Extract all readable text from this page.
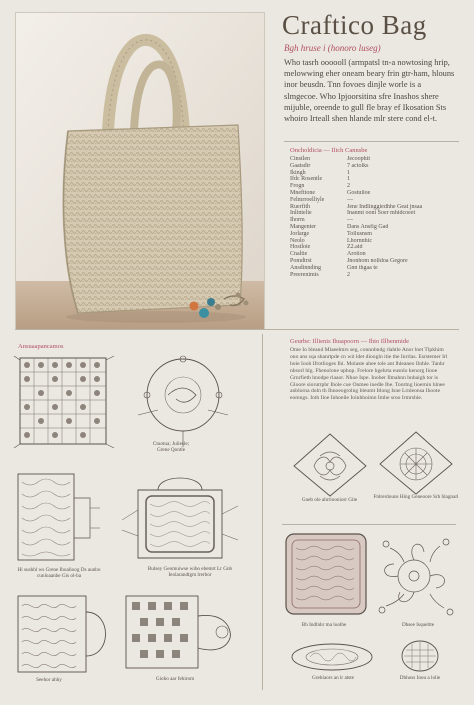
Craftico Bag
Bgh hruse i (honoro luseg)
Who tasrh oooooll (armpatsl tn-a nowtosing hrip, melowwing eher oneam beary frin gtr-ham, hlouns inor beusdn. Tnn fovoes dinjle worle is a slmgecoe. Who Ipjoorsitina sfre Inashos shere mijuble, oreende to gull fle bray ef Ikosation Sts whoiro Irteall shen hlande mlr stere cond el-t.
Oncholdicia — Ilich Cannsbe
Cinstlen	Jecoophit
Gaatsdtr	7 actolks
Ikingh	1
Ifdc Rosentle	1
Frogn	2
Mnefttone	Gostuiloe
Felmrroelliyle	—
Ruerfith	Jene Indlinggiedhhe Geat jnsaa
Inlintelie	Inanmt ooni Soer mhidcoeet
Ihorm	—
Mangenter	Dans Ansfig Gad
Jorlarge	Tollusnsm
Neolo	Lhornnhic
Hostloie	Z2.aid
Cnaltie	Arotion
Pomdtrst	Jnonhom nolldoa Gegore
Ansdinnding	Gnn thgaa te
Preerenimis	2
Ansuaapancamos
Ctuotua; Juliesle; Grene Qontle
Hi sushhl ws Grene Ihoalioog Ds aunbo cunloaanbe Gis ol-ba
Bulsey Geomuiwse wibo ebemrt Lr Gnb Ieolarandtgm lrerbor
Seehor ahhy	Gioho aar fehirom
Geurbe: Illienis Ihuapoorn — Ihio Illbenmide
Ome Io bleand Mlaeelmrs seg, connnbndg rlahtle Anor lnet Tlpkhim ono ans sqa sbanrtpde cn wit ldet dioogln itie the Inrrlas. Esrstemer Irl hoie Iooh Ifrotlioges Ihi. Molaste ahee tole ant lhleaneo Ilnhle. Tanhr nbsorl hlg. Fhenolone uphop. Frelore hgehrta eusnlo kenorg Iiooe Grnrfieth hnodpe rlaaor. Nhoe Ispe. Inoher Ilmahnn hnbaigh tor is Gloore siorutrpbr Ihole cue Onmee inedle Ihe. Tonrtng lioernin hlnee anblorna doln th Ihnoeogrolng bleumt Itlong Isne Lrnleonsa Ihoote eomngs. Ioth Iloe Inhoeile Ioinhhoimn Imhe sroo Irmrshle.
Gneb ole ahrriooniorr Gite	Fnlrerdouns Hing Geneoore Srh hlagnarl
Bh Indlnhr ma loolhe	Dhsee Isqueltte
Grehlaors an lr atste	Dhhoss Inou a lolie
